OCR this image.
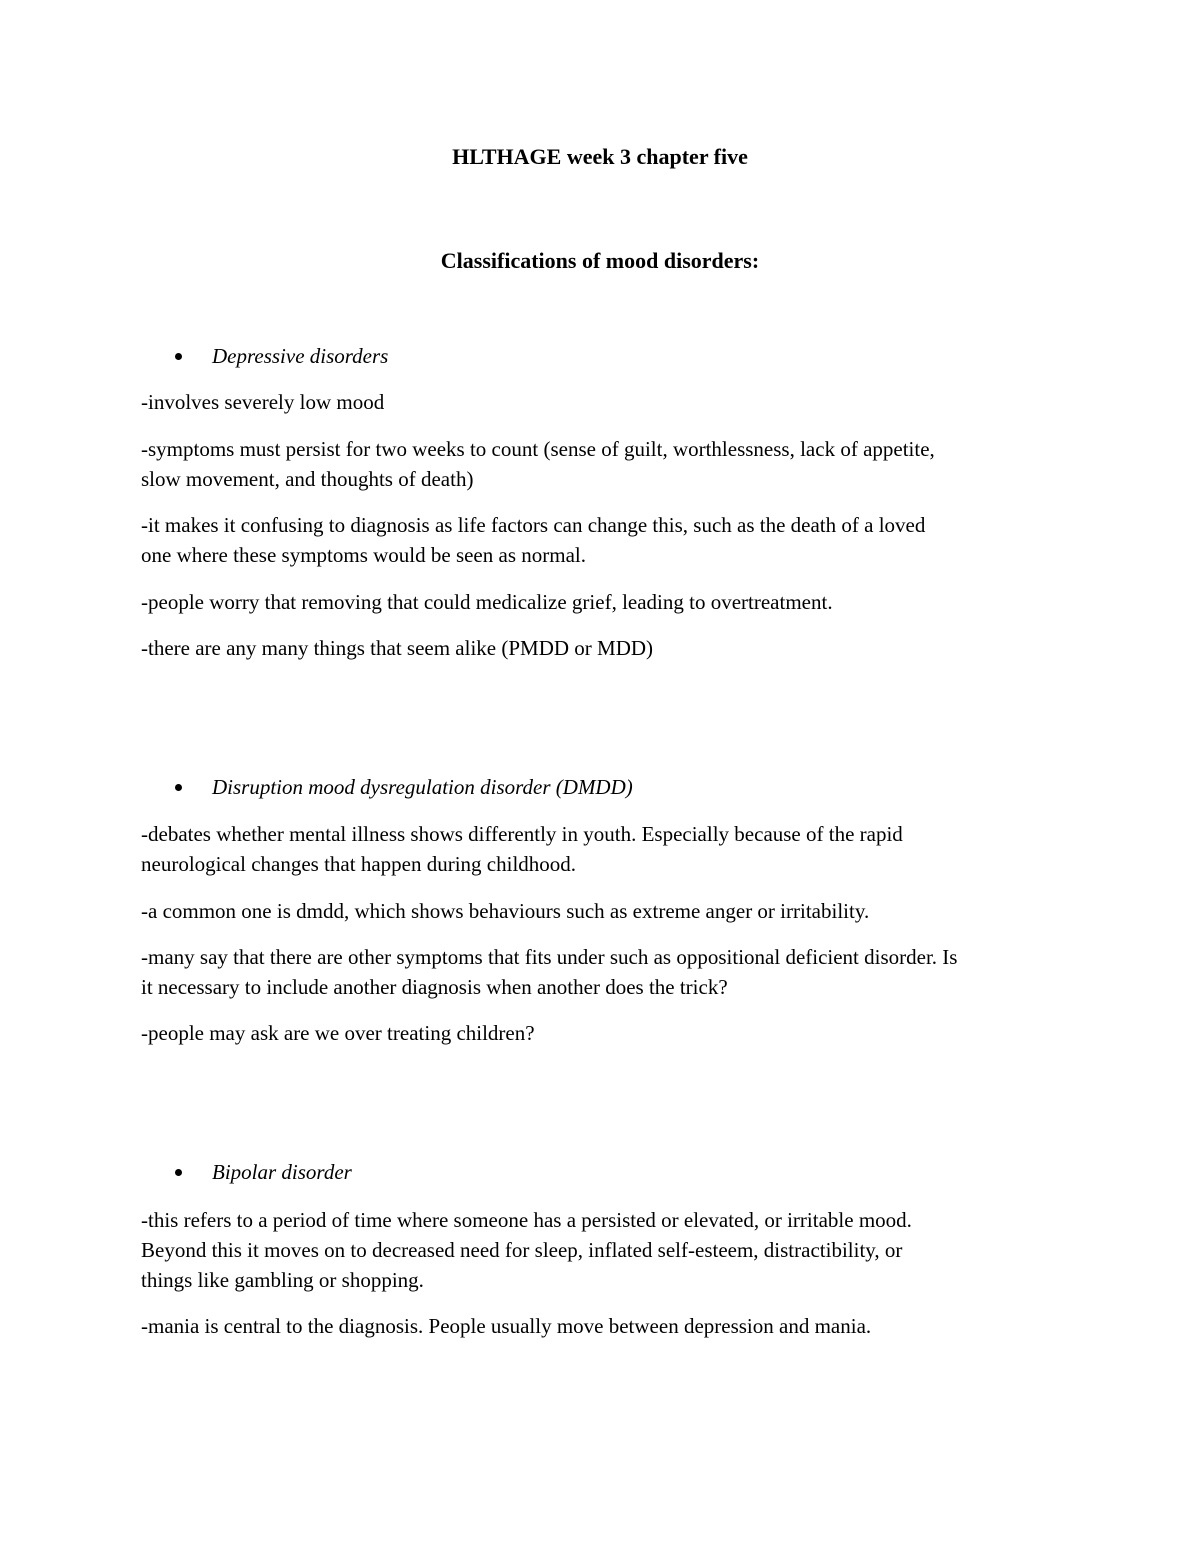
HLTHAGE week 3 chapter five
Classifications of mood disorders:
Depressive disorders

-involves severely low mood

-symptoms must persist for two weeks to count (sense of guilt, worthlessness, lack of appetite,
slow movement, and thoughts of death)

-it makes it confusing to diagnosis as life factors can change this, such as the death of a loved
one where these symptoms would be seen as normal.

-people worry that removing that could medicalize grief, leading to overtreatment.

-there are any many things that seem alike (PMDD or MDD)

Disruption mood dysregulation disorder (DMDD)

-debates whether mental illness shows differently in youth. Especially because of the rapid
neurological changes that happen during childhood.

-a common one is dmdd, which shows behaviours such as extreme anger or irritability.

-many say that there are other symptoms that fits under such as oppositional deficient disorder. Is
it necessary to include another diagnosis when another does the trick?

-people may ask are we over treating children?

Bipolar disorder

-this refers to a period of time where someone has a persisted or elevated, or irritable mood.
Beyond this it moves on to decreased need for sleep, inflated self-esteem, distractibility, or
things like gambling or shopping.

-mania is central to the diagnosis. People usually move between depression and mania.
